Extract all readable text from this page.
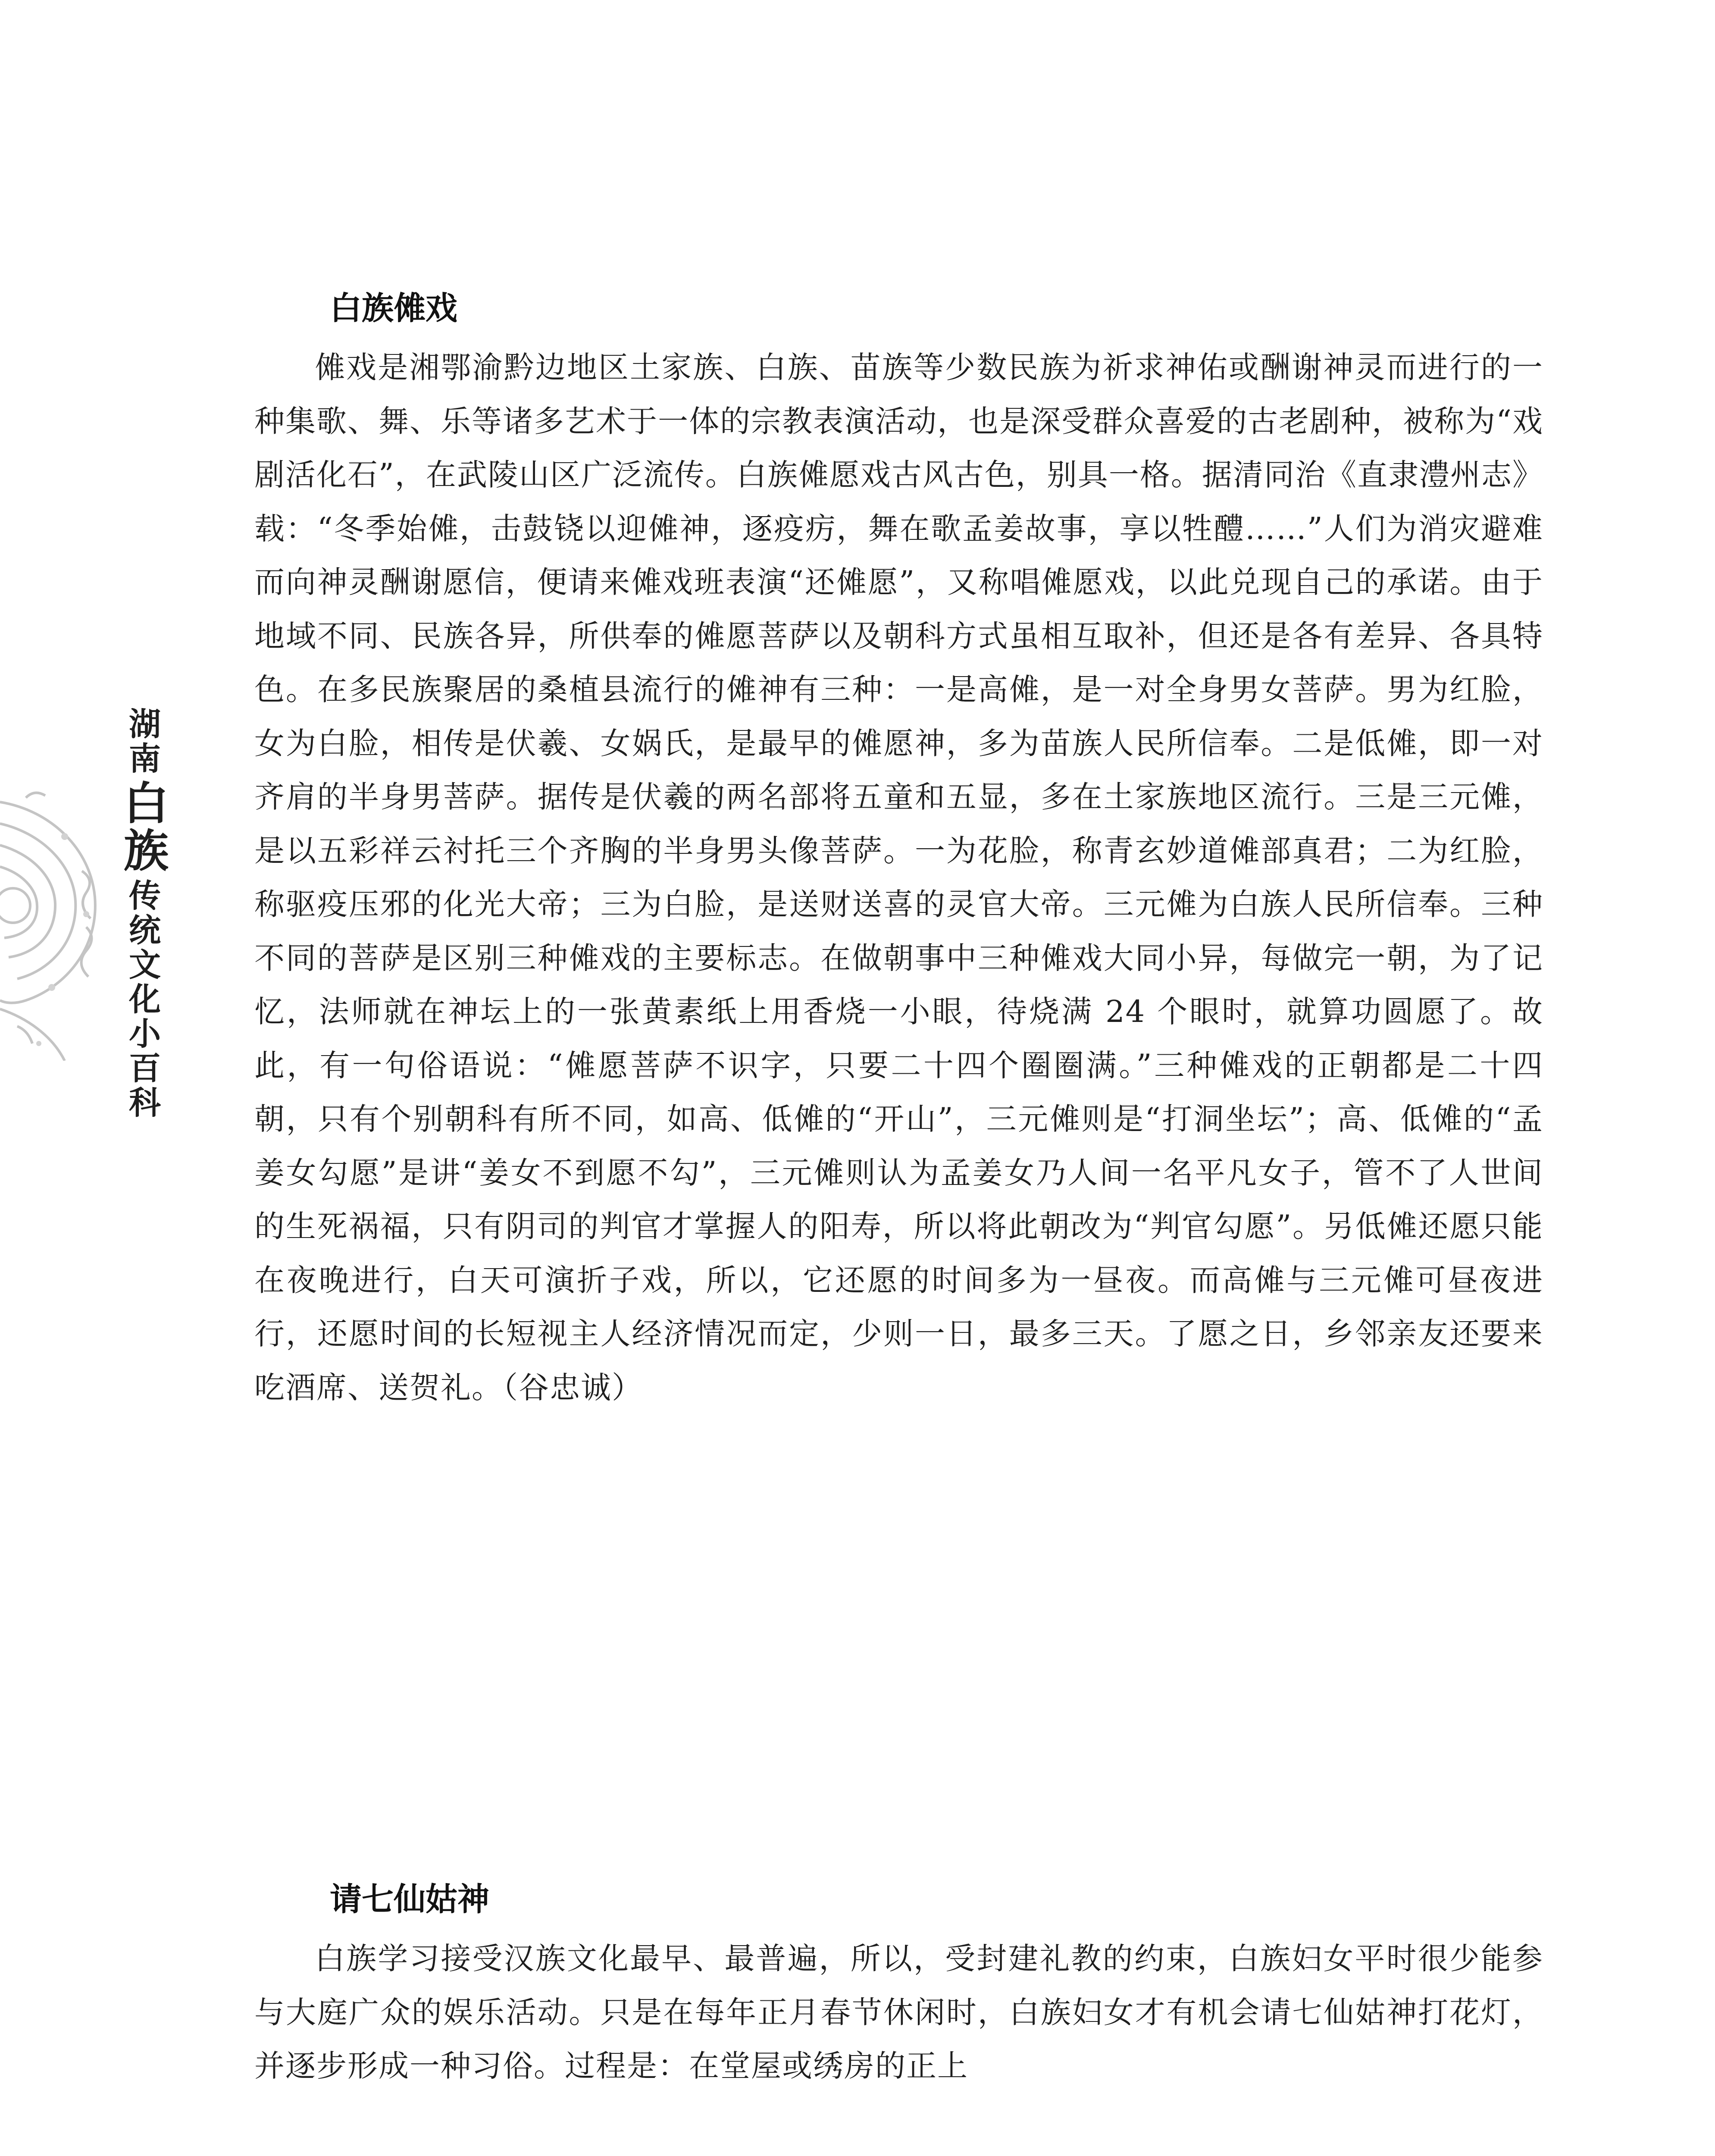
湖南
白族
传统文化小百科
白族傩戏

傩戏是湘鄂渝黔边地区土家族、白族、苗族等少数民族为祈求神佑或酬谢神灵而进行的一种集歌、舞、乐等诸多艺术于一体的宗教表演活动，也是深受群众喜爱的古老剧种，被称为“戏剧活化石”，在武陵山区广泛流传。白族傩愿戏古风古色，别具一格。据清同治《直隶澧州志》载：“冬季始傩，击鼓铙以迎傩神，逐疫疠，舞在歌孟姜故事，享以牲醴……”人们为消灾避难而向神灵酬谢愿信，便请来傩戏班表演“还傩愿”，又称唱傩愿戏，以此兑现自己的承诺。由于地域不同、民族各异，所供奉的傩愿菩萨以及朝科方式虽相互取补，但还是各有差异、各具特色。在多民族聚居的桑植县流行的傩神有三种：一是高傩，是一对全身男女菩萨。男为红脸，女为白脸，相传是伏羲、女娲氏，是最早的傩愿神，多为苗族人民所信奉。二是低傩，即一对齐肩的半身男菩萨。据传是伏羲的两名部将五童和五显，多在土家族地区流行。三是三元傩，是以五彩祥云衬托三个齐胸的半身男头像菩萨。一为花脸，称青玄妙道傩部真君；二为红脸，称驱疫压邪的化光大帝；三为白脸，是送财送喜的灵官大帝。三元傩为白族人民所信奉。三种不同的菩萨是区别三种傩戏的主要标志。在做朝事中三种傩戏大同小异，每做完一朝，为了记忆，法师就在神坛上的一张黄素纸上用香烧一小眼，待烧满 24 个眼时，就算功圆愿了。故此，有一句俗语说：“傩愿菩萨不识字，只要二十四个圈圈满。”三种傩戏的正朝都是二十四朝，只有个别朝科有所不同，如高、低傩的“开山”，三元傩则是“打洞坐坛”；高、低傩的“孟姜女勾愿”是讲“姜女不到愿不勾”，三元傩则认为孟姜女乃人间一名平凡女子，管不了人世间的生死祸福，只有阴司的判官才掌握人的阳寿，所以将此朝改为“判官勾愿”。另低傩还愿只能在夜晚进行，白天可演折子戏，所以，它还愿的时间多为一昼夜。而高傩与三元傩可昼夜进行，还愿时间的长短视主人经济情况而定，少则一日，最多三天。了愿之日，乡邻亲友还要来吃酒席、送贺礼。（谷忠诚）

请七仙姑神

白族学习接受汉族文化最早、最普遍，所以，受封建礼教的约束，白族妇女平时很少能参与大庭广众的娱乐活动。只是在每年正月春节休闲时，白族妇女才有机会请七仙姑神打花灯，并逐步形成一种习俗。过程是：在堂屋或绣房的正上
